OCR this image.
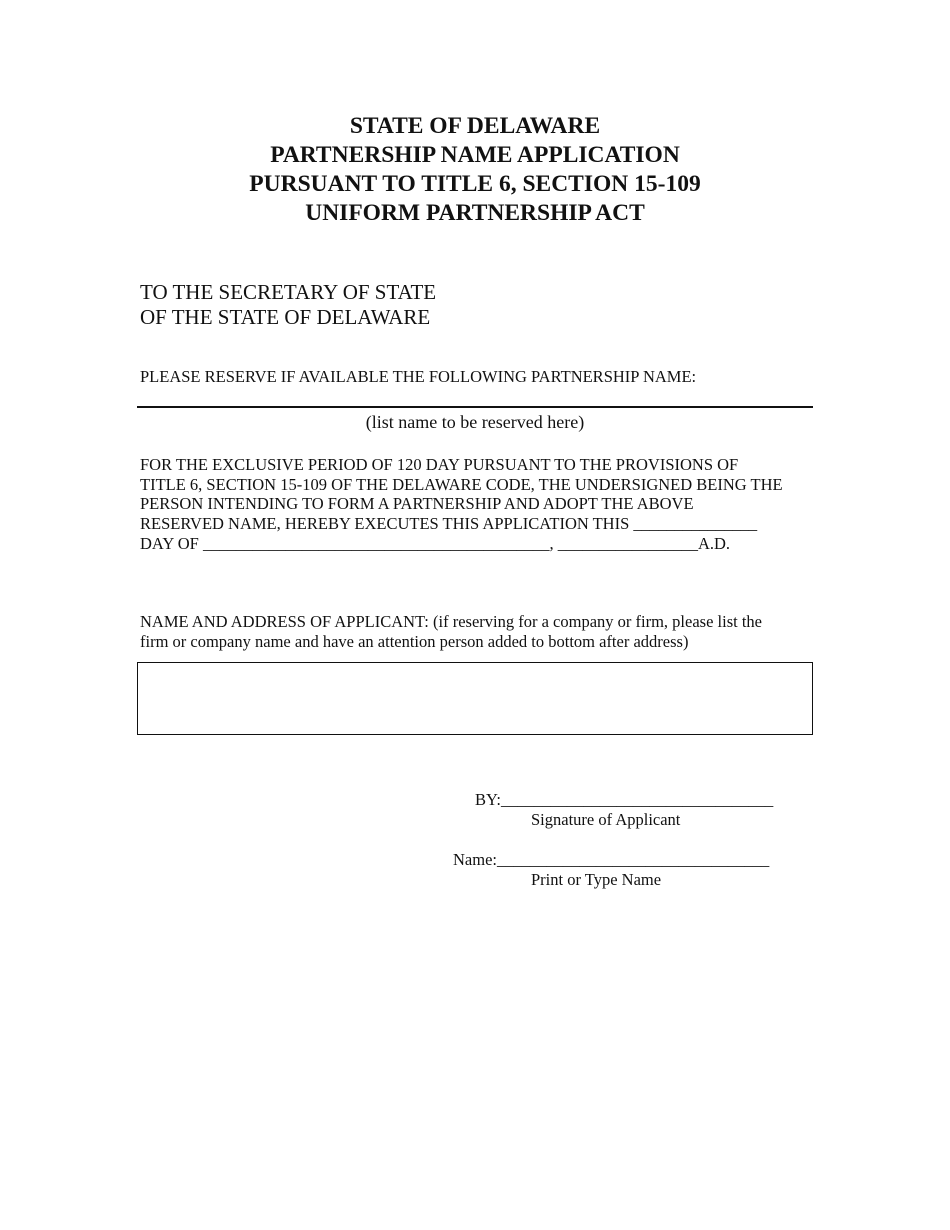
STATE OF DELAWARE
PARTNERSHIP NAME APPLICATION
PURSUANT TO TITLE 6, SECTION 15-109
UNIFORM PARTNERSHIP ACT
TO THE SECRETARY OF STATE
OF THE STATE OF DELAWARE
PLEASE RESERVE IF AVAILABLE THE FOLLOWING PARTNERSHIP NAME:
(list name to be reserved here)
FOR THE EXCLUSIVE PERIOD OF 120 DAY PURSUANT TO THE PROVISIONS OF
TITLE 6, SECTION 15-109 OF THE DELAWARE CODE, THE UNDERSIGNED BEING THE
PERSON INTENDING TO FORM A PARTNERSHIP AND ADOPT THE ABOVE
RESERVED NAME, HEREBY EXECUTES THIS APPLICATION THIS _______________
DAY OF __________________________________________, _________________A.D.
NAME AND ADDRESS OF APPLICANT: (if reserving for a company or firm, please list the
firm or company name and have an attention person added to bottom after address)
BY:_________________________________
Signature of Applicant
Name:_________________________________
Print or Type Name
